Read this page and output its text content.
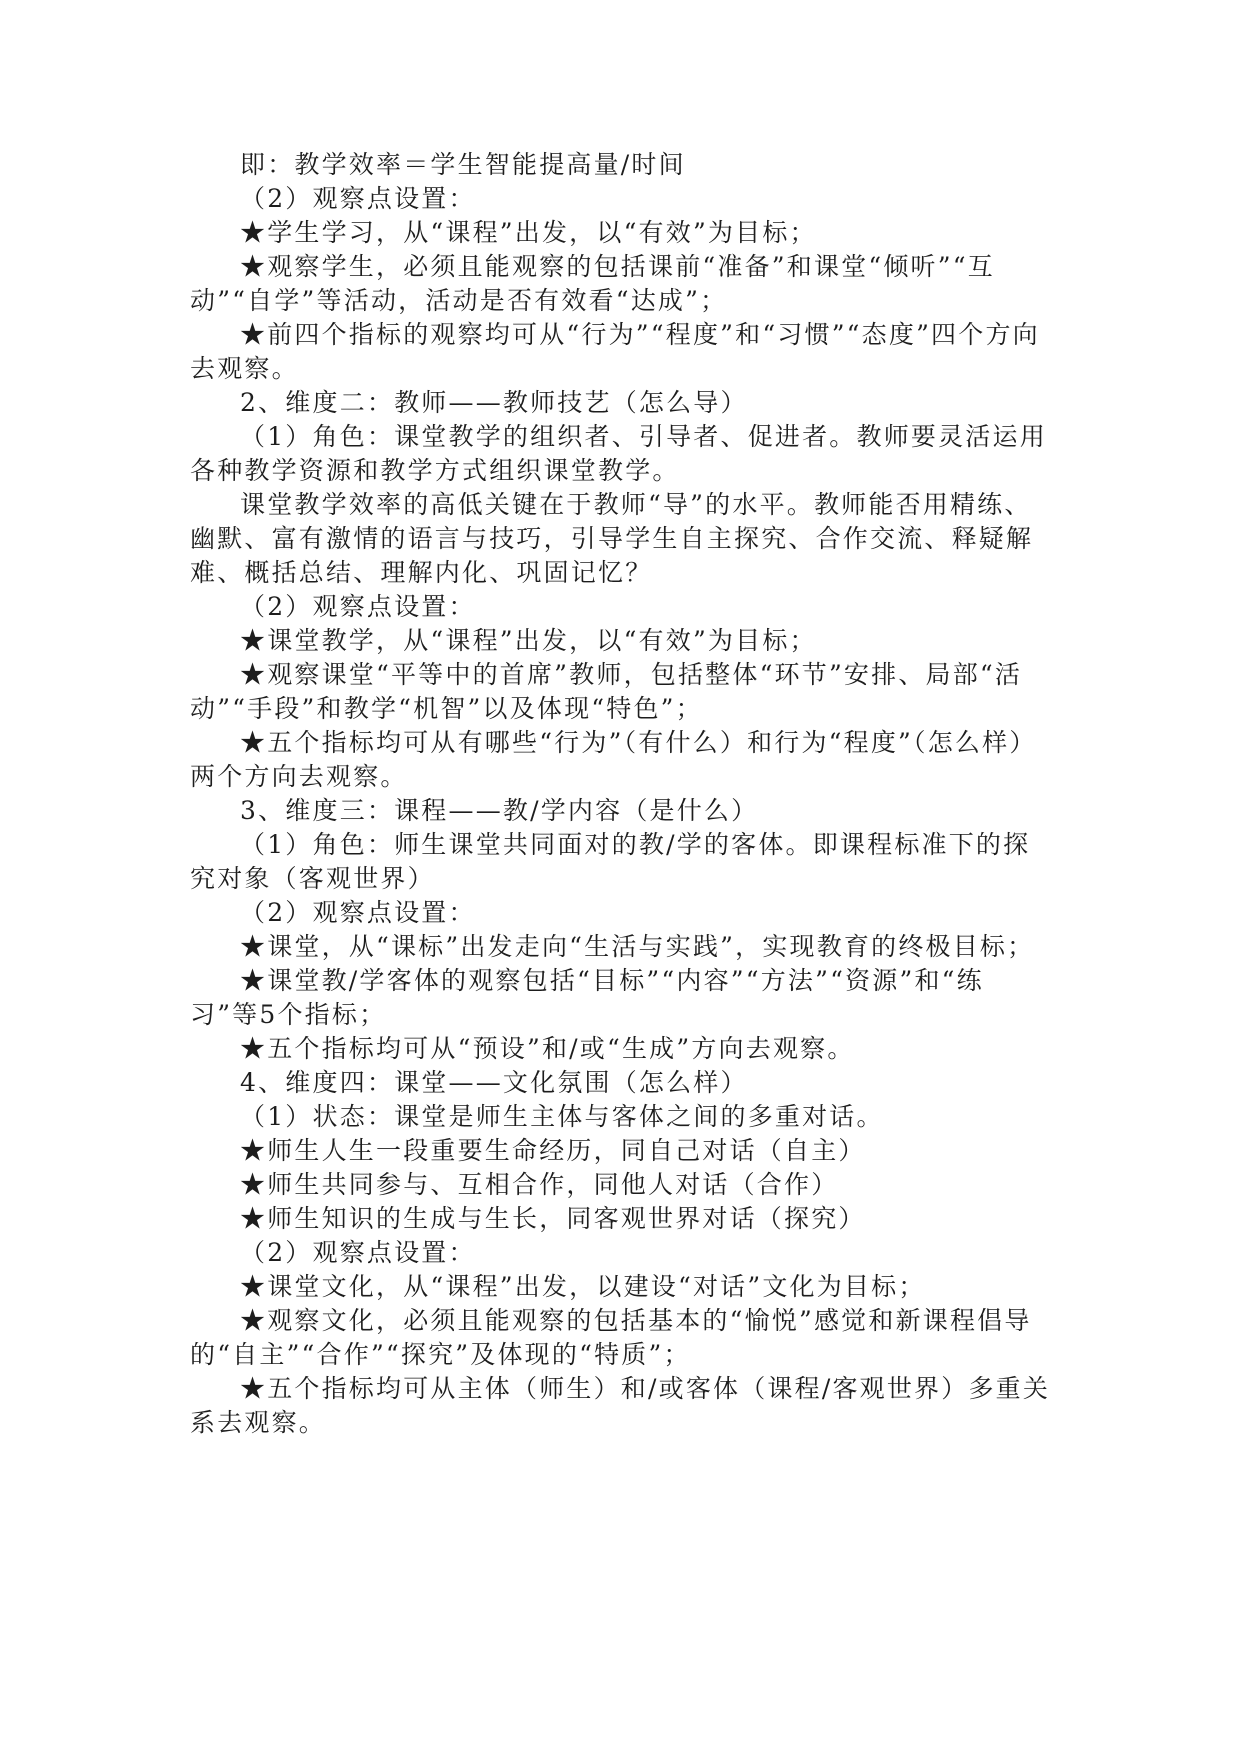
即：教学效率＝学生智能提高量/时间

（2）观察点设置：

★学生学习，从“课程”出发，以“有效”为目标；

★观察学生，必须且能观察的包括课前“准备”和课堂“倾听”“互动”“自学”等活动，活动是否有效看“达成”；

★前四个指标的观察均可从“行为”“程度”和“习惯”“态度”四个方向去观察。

2、维度二：教师——教师技艺（怎么导）

（1）角色：课堂教学的组织者、引导者、促进者。教师要灵活运用各种教学资源和教学方式组织课堂教学。

课堂教学效率的高低关键在于教师“导”的水平。教师能否用精练、幽默、富有激情的语言与技巧，引导学生自主探究、合作交流、释疑解难、概括总结、理解内化、巩固记忆？

（2）观察点设置：

★课堂教学，从“课程”出发，以“有效”为目标；

★观察课堂“平等中的首席”教师，包括整体“环节”安排、局部“活动”“手段”和教学“机智”以及体现“特色”；

★五个指标均可从有哪些“行为”（有什么）和行为“程度”（怎么样）两个方向去观察。

3、维度三：课程——教/学内容（是什么）

（1）角色：师生课堂共同面对的教/学的客体。即课程标准下的探究对象（客观世界）

（2）观察点设置：

★课堂，从“课标”出发走向“生活与实践”，实现教育的终极目标；

★课堂教/学客体的观察包括“目标”“内容”“方法”“资源”和“练习”等5个指标；

★五个指标均可从“预设”和/或“生成”方向去观察。

4、维度四：课堂——文化氛围（怎么样）

（1）状态：课堂是师生主体与客体之间的多重对话。

★师生人生一段重要生命经历，同自己对话（自主）

★师生共同参与、互相合作，同他人对话（合作）

★师生知识的生成与生长，同客观世界对话（探究）

（2）观察点设置：

★课堂文化，从“课程”出发，以建设“对话”文化为目标；

★观察文化，必须且能观察的包括基本的“愉悦”感觉和新课程倡导的“自主”“合作”“探究”及体现的“特质”；

★五个指标均可从主体（师生）和/或客体（课程/客观世界）多重关系去观察。
